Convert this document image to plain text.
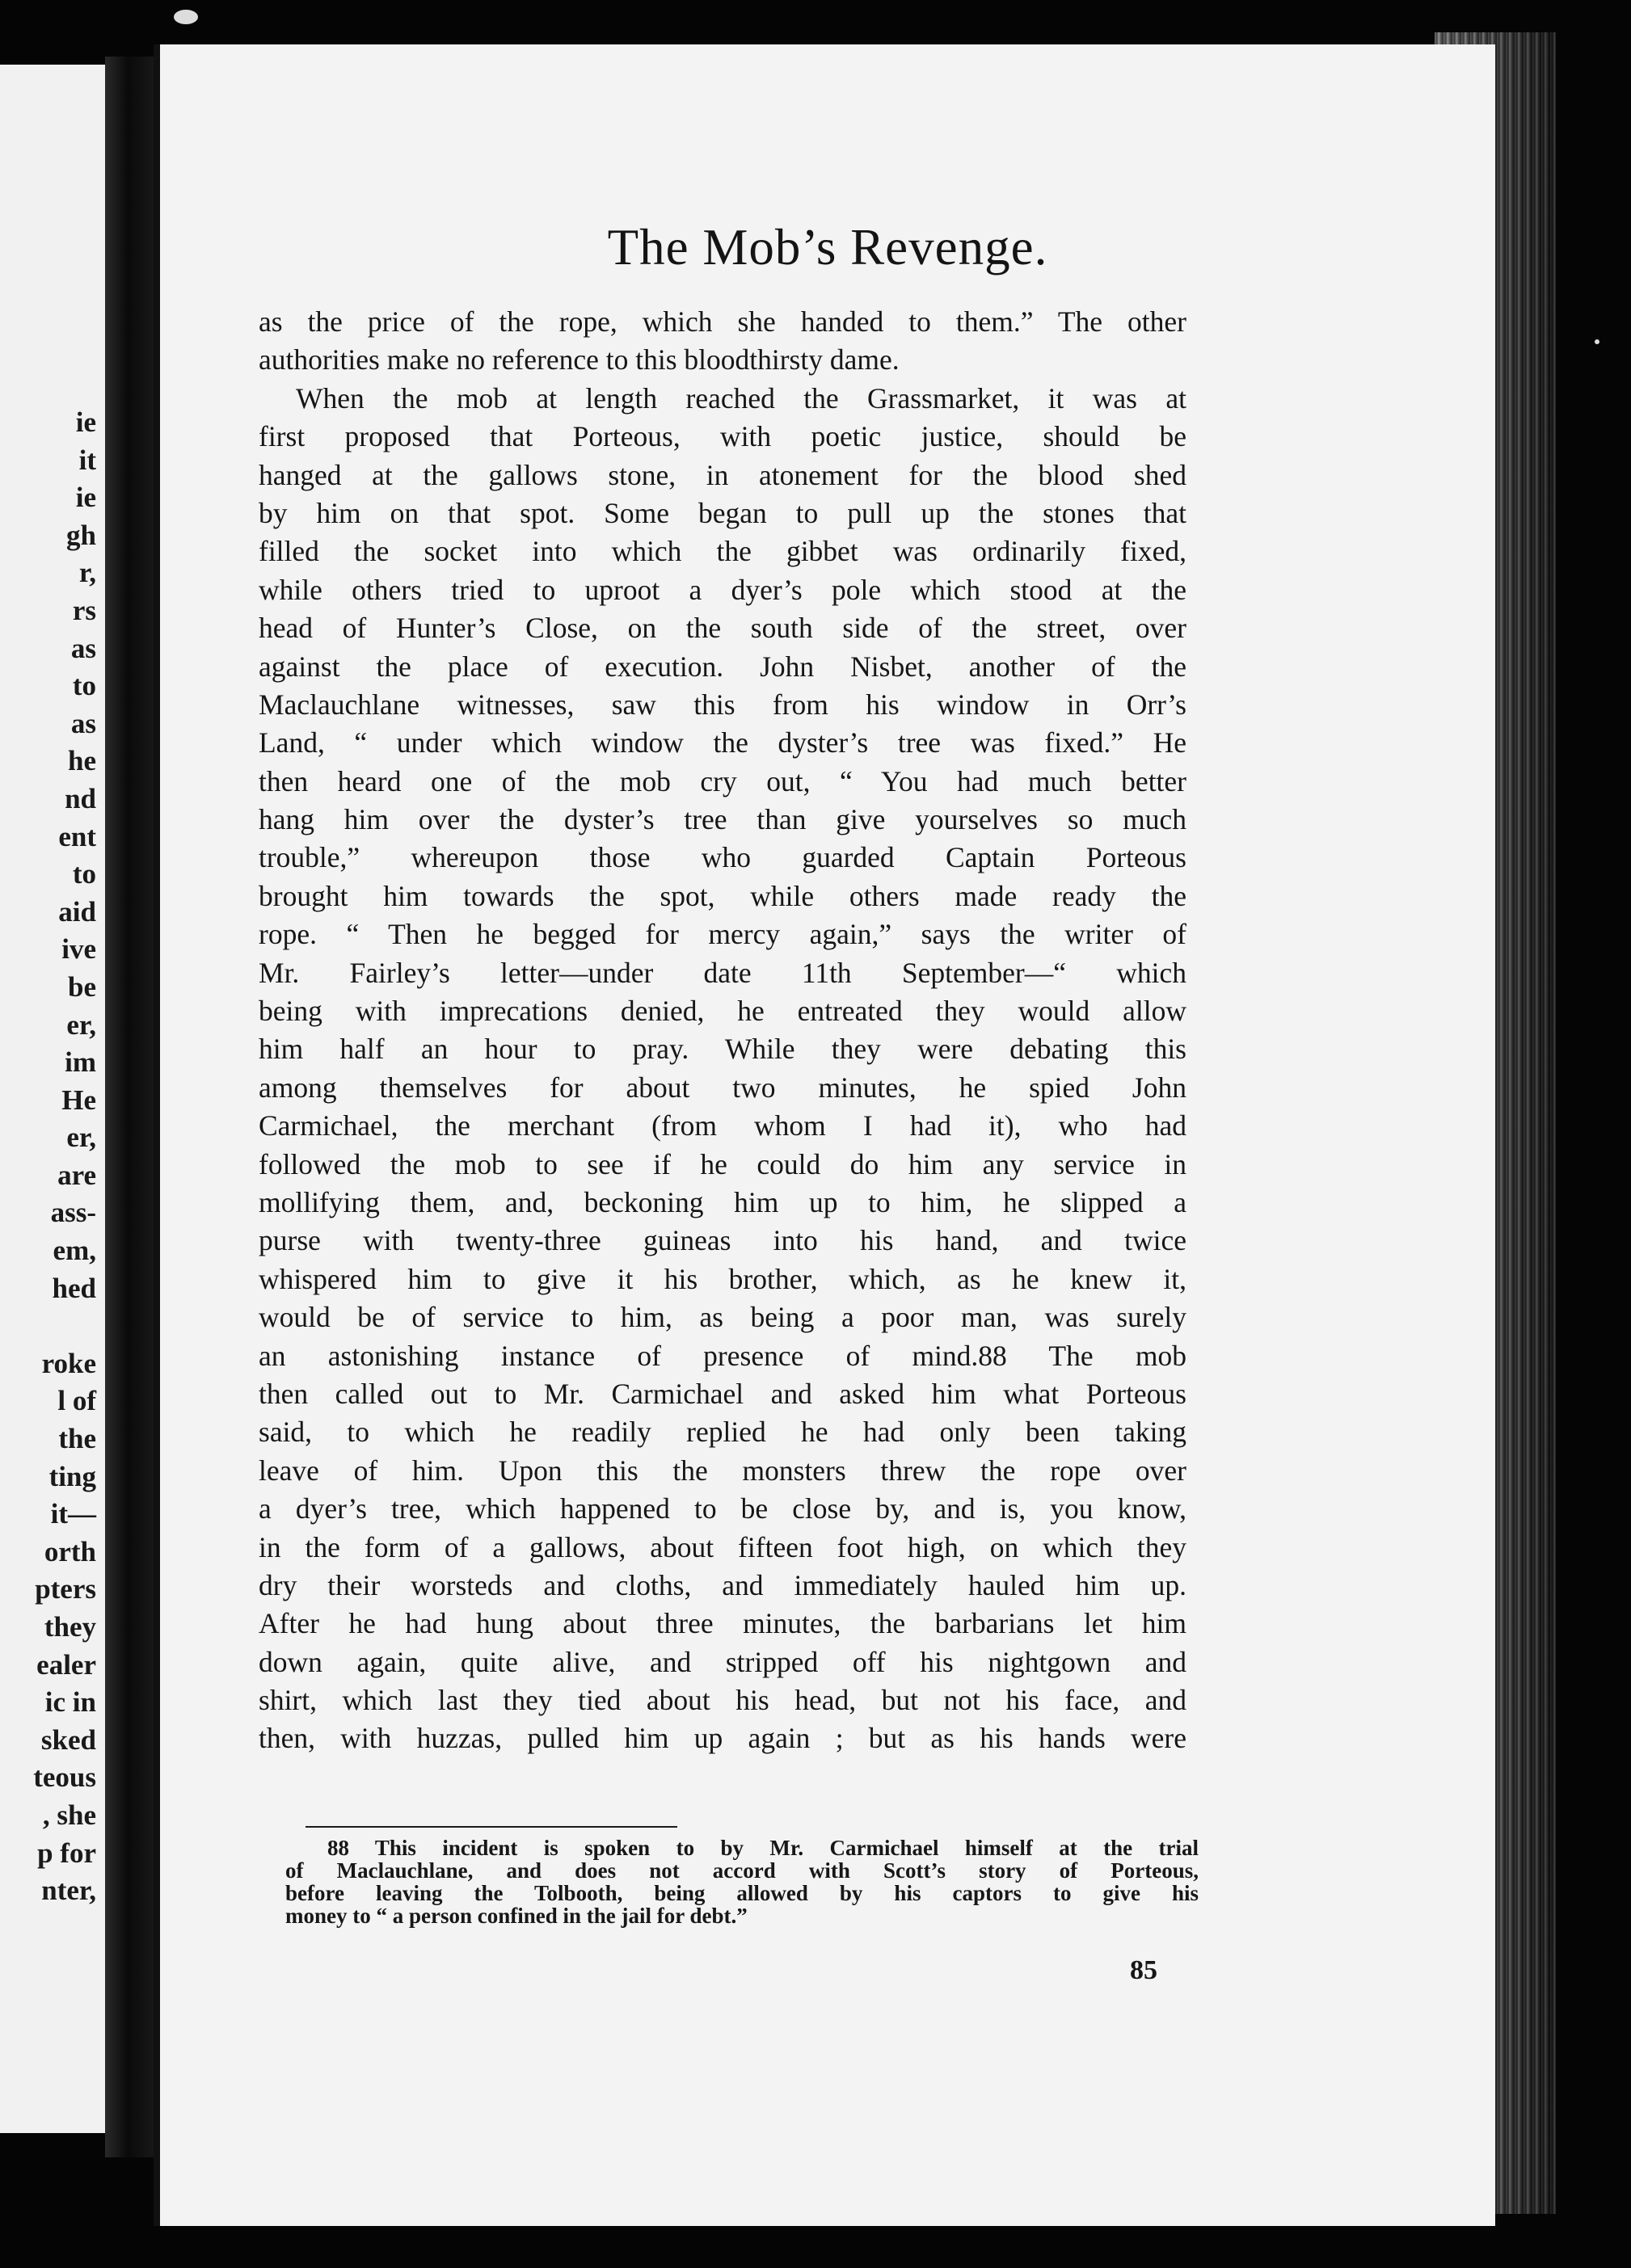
ie
it
ie
gh
r,
rs
as
to
as
he
nd
ent
to
aid
ive
be
er,
im
He
er,
are
ass-
em,
hed
roke
l of
the
ting
it—
orth
pters
they
ealer
ic in
sked
teous
, she
p for
nter,
The Mob’s Revenge.
as the price of the rope, which she handed to them.” The other
authorities make no reference to this bloodthirsty dame.
When the mob at length reached the Grassmarket, it was at
first proposed that Porteous, with poetic justice, should be
hanged at the gallows stone, in atonement for the blood shed
by him on that spot. Some began to pull up the stones that
filled the socket into which the gibbet was ordinarily fixed,
while others tried to uproot a dyer’s pole which stood at the
head of Hunter’s Close, on the south side of the street, over
against the place of execution. John Nisbet, another of the
Maclauchlane witnesses, saw this from his window in Orr’s
Land, “ under which window the dyster’s tree was fixed.” He
then heard one of the mob cry out, “ You had much better
hang him over the dyster’s tree than give yourselves so much
trouble,” whereupon those who guarded Captain Porteous
brought him towards the spot, while others made ready the
rope. “ Then he begged for mercy again,” says the writer of
Mr. Fairley’s letter—under date 11th September—“ which
being with imprecations denied, he entreated they would allow
him half an hour to pray. While they were debating this
among themselves for about two minutes, he spied John
Carmichael, the merchant (from whom I had it), who had
followed the mob to see if he could do him any service in
mollifying them, and, beckoning him up to him, he slipped a
purse with twenty-three guineas into his hand, and twice
whispered him to give it his brother, which, as he knew it,
would be of service to him, as being a poor man, was surely
an astonishing instance of presence of mind.88 The mob
then called out to Mr. Carmichael and asked him what Porteous
said, to which he readily replied he had only been taking
leave of him. Upon this the monsters threw the rope over
a dyer’s tree, which happened to be close by, and is, you know,
in the form of a gallows, about fifteen foot high, on which they
dry their worsteds and cloths, and immediately hauled him up.
After he had hung about three minutes, the barbarians let him
down again, quite alive, and stripped off his nightgown and
shirt, which last they tied about his head, but not his face, and
then, with huzzas, pulled him up again ; but as his hands were
88 This incident is spoken to by Mr. Carmichael himself at the trial
of Maclauchlane, and does not accord with Scott’s story of Porteous,
before leaving the Tolbooth, being allowed by his captors to give his
money to “ a person confined in the jail for debt.”
85
